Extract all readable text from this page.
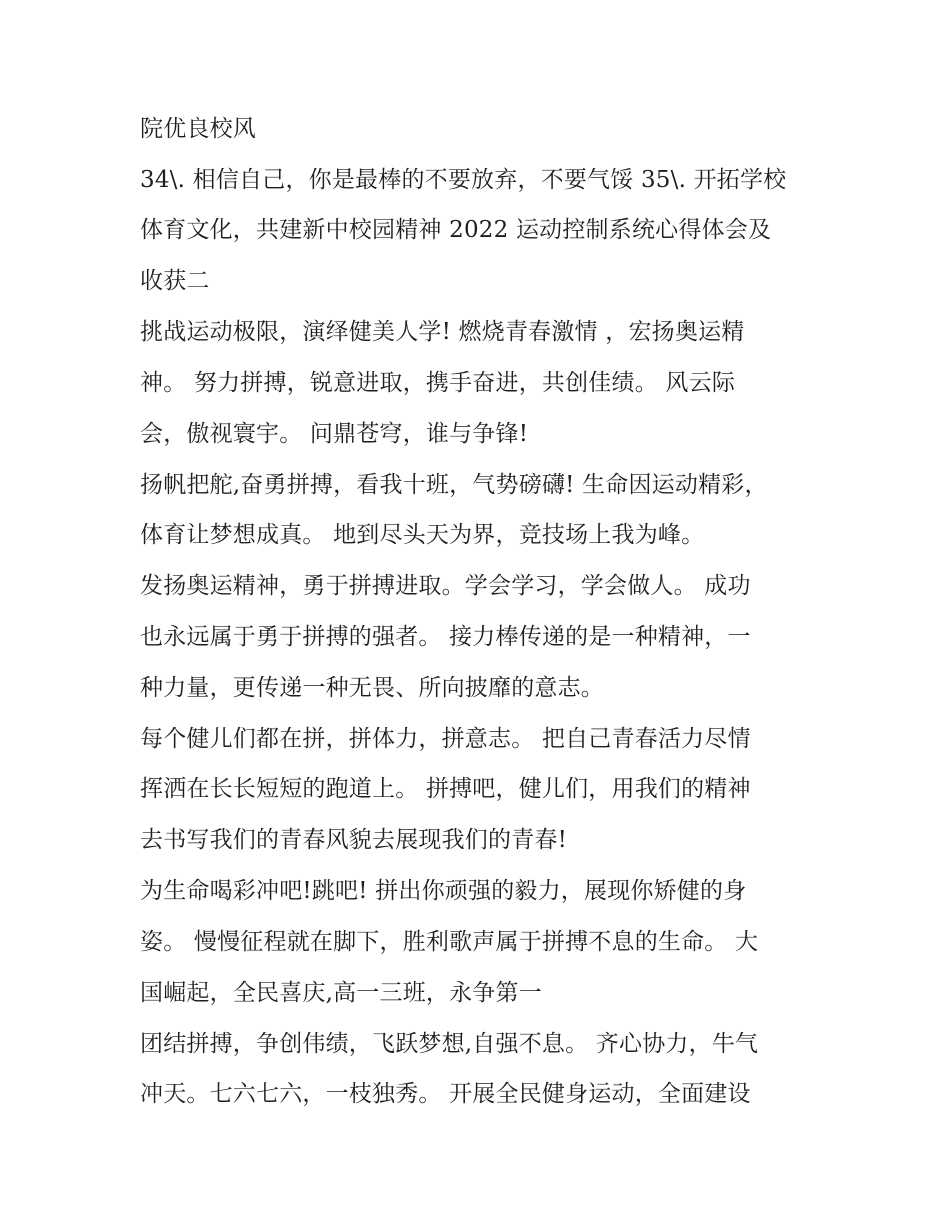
院优良校风
34\. 相信自己，你是最棒的不要放弃，不要气馁 35\. 开拓学校
体育文化，共建新中校园精神 2022 运动控制系统心得体会及
收获二
挑战运动极限，演绎健美人学! 燃烧青春激情 ，宏扬奥运精
神。 努力拼搏，锐意进取，携手奋进，共创佳绩。 风云际
会，傲视寰宇。 问鼎苍穹，谁与争锋!
扬帆把舵,奋勇拼搏，看我十班，气势磅礴! 生命因运动精彩，
体育让梦想成真。 地到尽头天为界，竞技场上我为峰。
发扬奥运精神，勇于拼搏进取。学会学习，学会做人。 成功
也永远属于勇于拼搏的强者。 接力棒传递的是一种精神，一
种力量，更传递一种无畏、所向披靡的意志。
每个健儿们都在拼，拼体力，拼意志。 把自己青春活力尽情
挥洒在长长短短的跑道上。 拼搏吧，健儿们，用我们的精神
去书写我们的青春风貌去展现我们的青春!
为生命喝彩冲吧!跳吧! 拼出你顽强的毅力，展现你矫健的身
姿。 慢慢征程就在脚下，胜利歌声属于拼搏不息的生命。 大
国崛起，全民喜庆,高一三班，永争第一
团结拼搏，争创伟绩，飞跃梦想,自强不息。 齐心协力，牛气
冲天。七六七六，一枝独秀。 开展全民健身运动，全面建设
